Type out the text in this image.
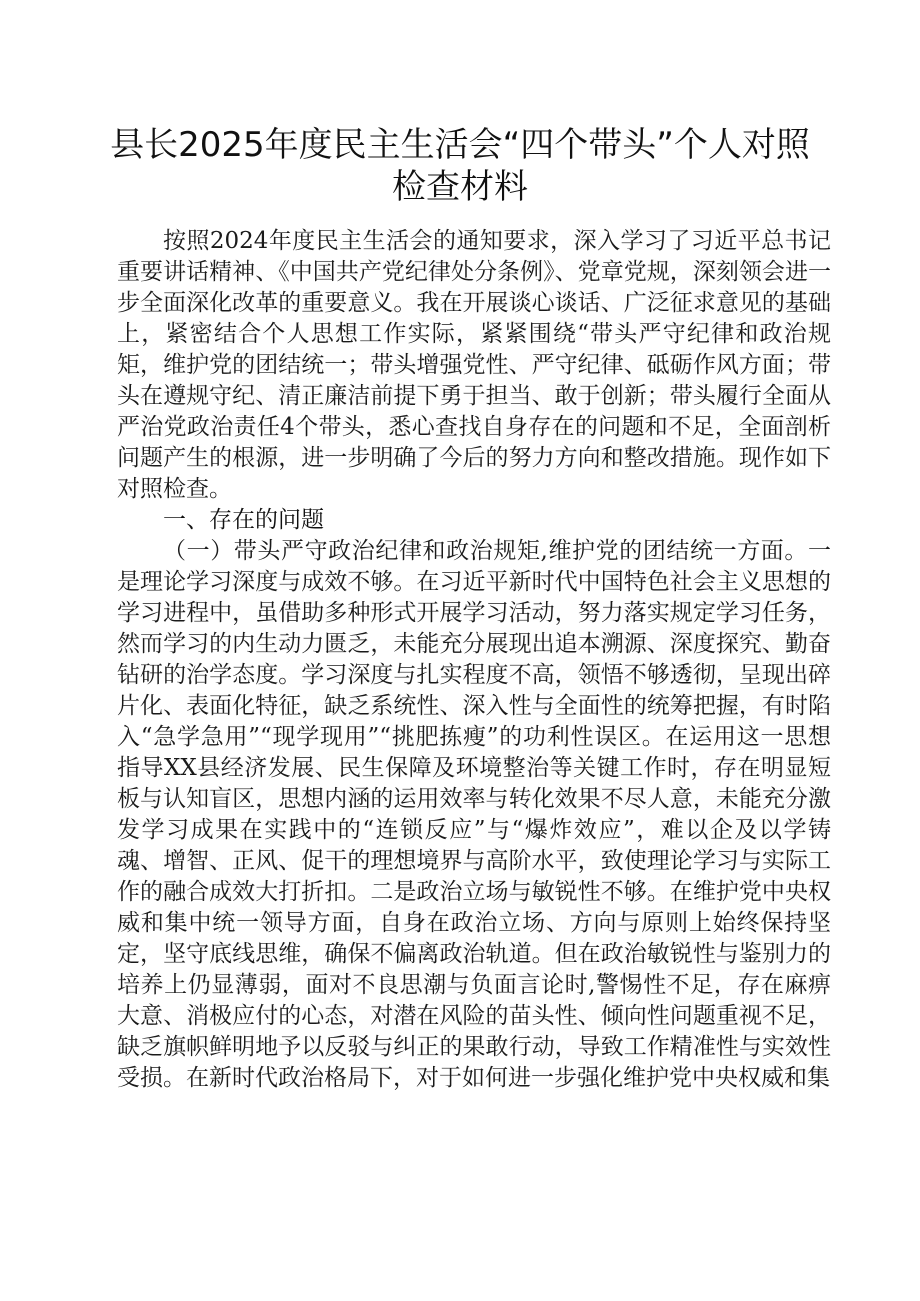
县长2025年度民主生活会“四个带头”个人对照检查材料

按照2024年度民主生活会的通知要求，深入学习了习近平总书记重要讲话精神、《中国共产党纪律处分条例》、党章党规，深刻领会进一步全面深化改革的重要意义。我在开展谈心谈话、广泛征求意见的基础上，紧密结合个人思想工作实际，紧紧围绕“带头严守纪律和政治规矩，维护党的团结统一；带头增强党性、严守纪律、砥砺作风方面；带头在遵规守纪、清正廉洁前提下勇于担当、敢于创新；带头履行全面从严治党政治责任4个带头，悉心查找自身存在的问题和不足，全面剖析问题产生的根源，进一步明确了今后的努力方向和整改措施。现作如下对照检查。

一、存在的问题

（一）带头严守政治纪律和政治规矩,维护党的团结统一方面。一是理论学习深度与成效不够。在习近平新时代中国特色社会主义思想的学习进程中，虽借助多种形式开展学习活动，努力落实规定学习任务，然而学习的内生动力匮乏，未能充分展现出追本溯源、深度探究、勤奋钻研的治学态度。学习深度与扎实程度不高，领悟不够透彻，呈现出碎片化、表面化特征，缺乏系统性、深入性与全面性的统筹把握，有时陷入“急学急用”“现学现用”“挑肥拣瘦”的功利性误区。在运用这一思想指导XX县经济发展、民生保障及环境整治等关键工作时，存在明显短板与认知盲区，思想内涵的运用效率与转化效果不尽人意，未能充分激发学习成果在实践中的“连锁反应”与“爆炸效应”，难以企及以学铸魂、增智、正风、促干的理想境界与高阶水平，致使理论学习与实际工作的融合成效大打折扣。二是政治立场与敏锐性不够。在维护党中央权威和集中统一领导方面，自身在政治立场、方向与原则上始终保持坚定，坚守底线思维，确保不偏离政治轨道。但在政治敏锐性与鉴别力的培养上仍显薄弱，面对不良思潮与负面言论时,警惕性不足，存在麻痹大意、消极应付的心态，对潜在风险的苗头性、倾向性问题重视不足，缺乏旗帜鲜明地予以反驳与纠正的果敢行动，导致工作精准性与实效性受损。在新时代政治格局下，对于如何进一步强化维护党中央权威和集
